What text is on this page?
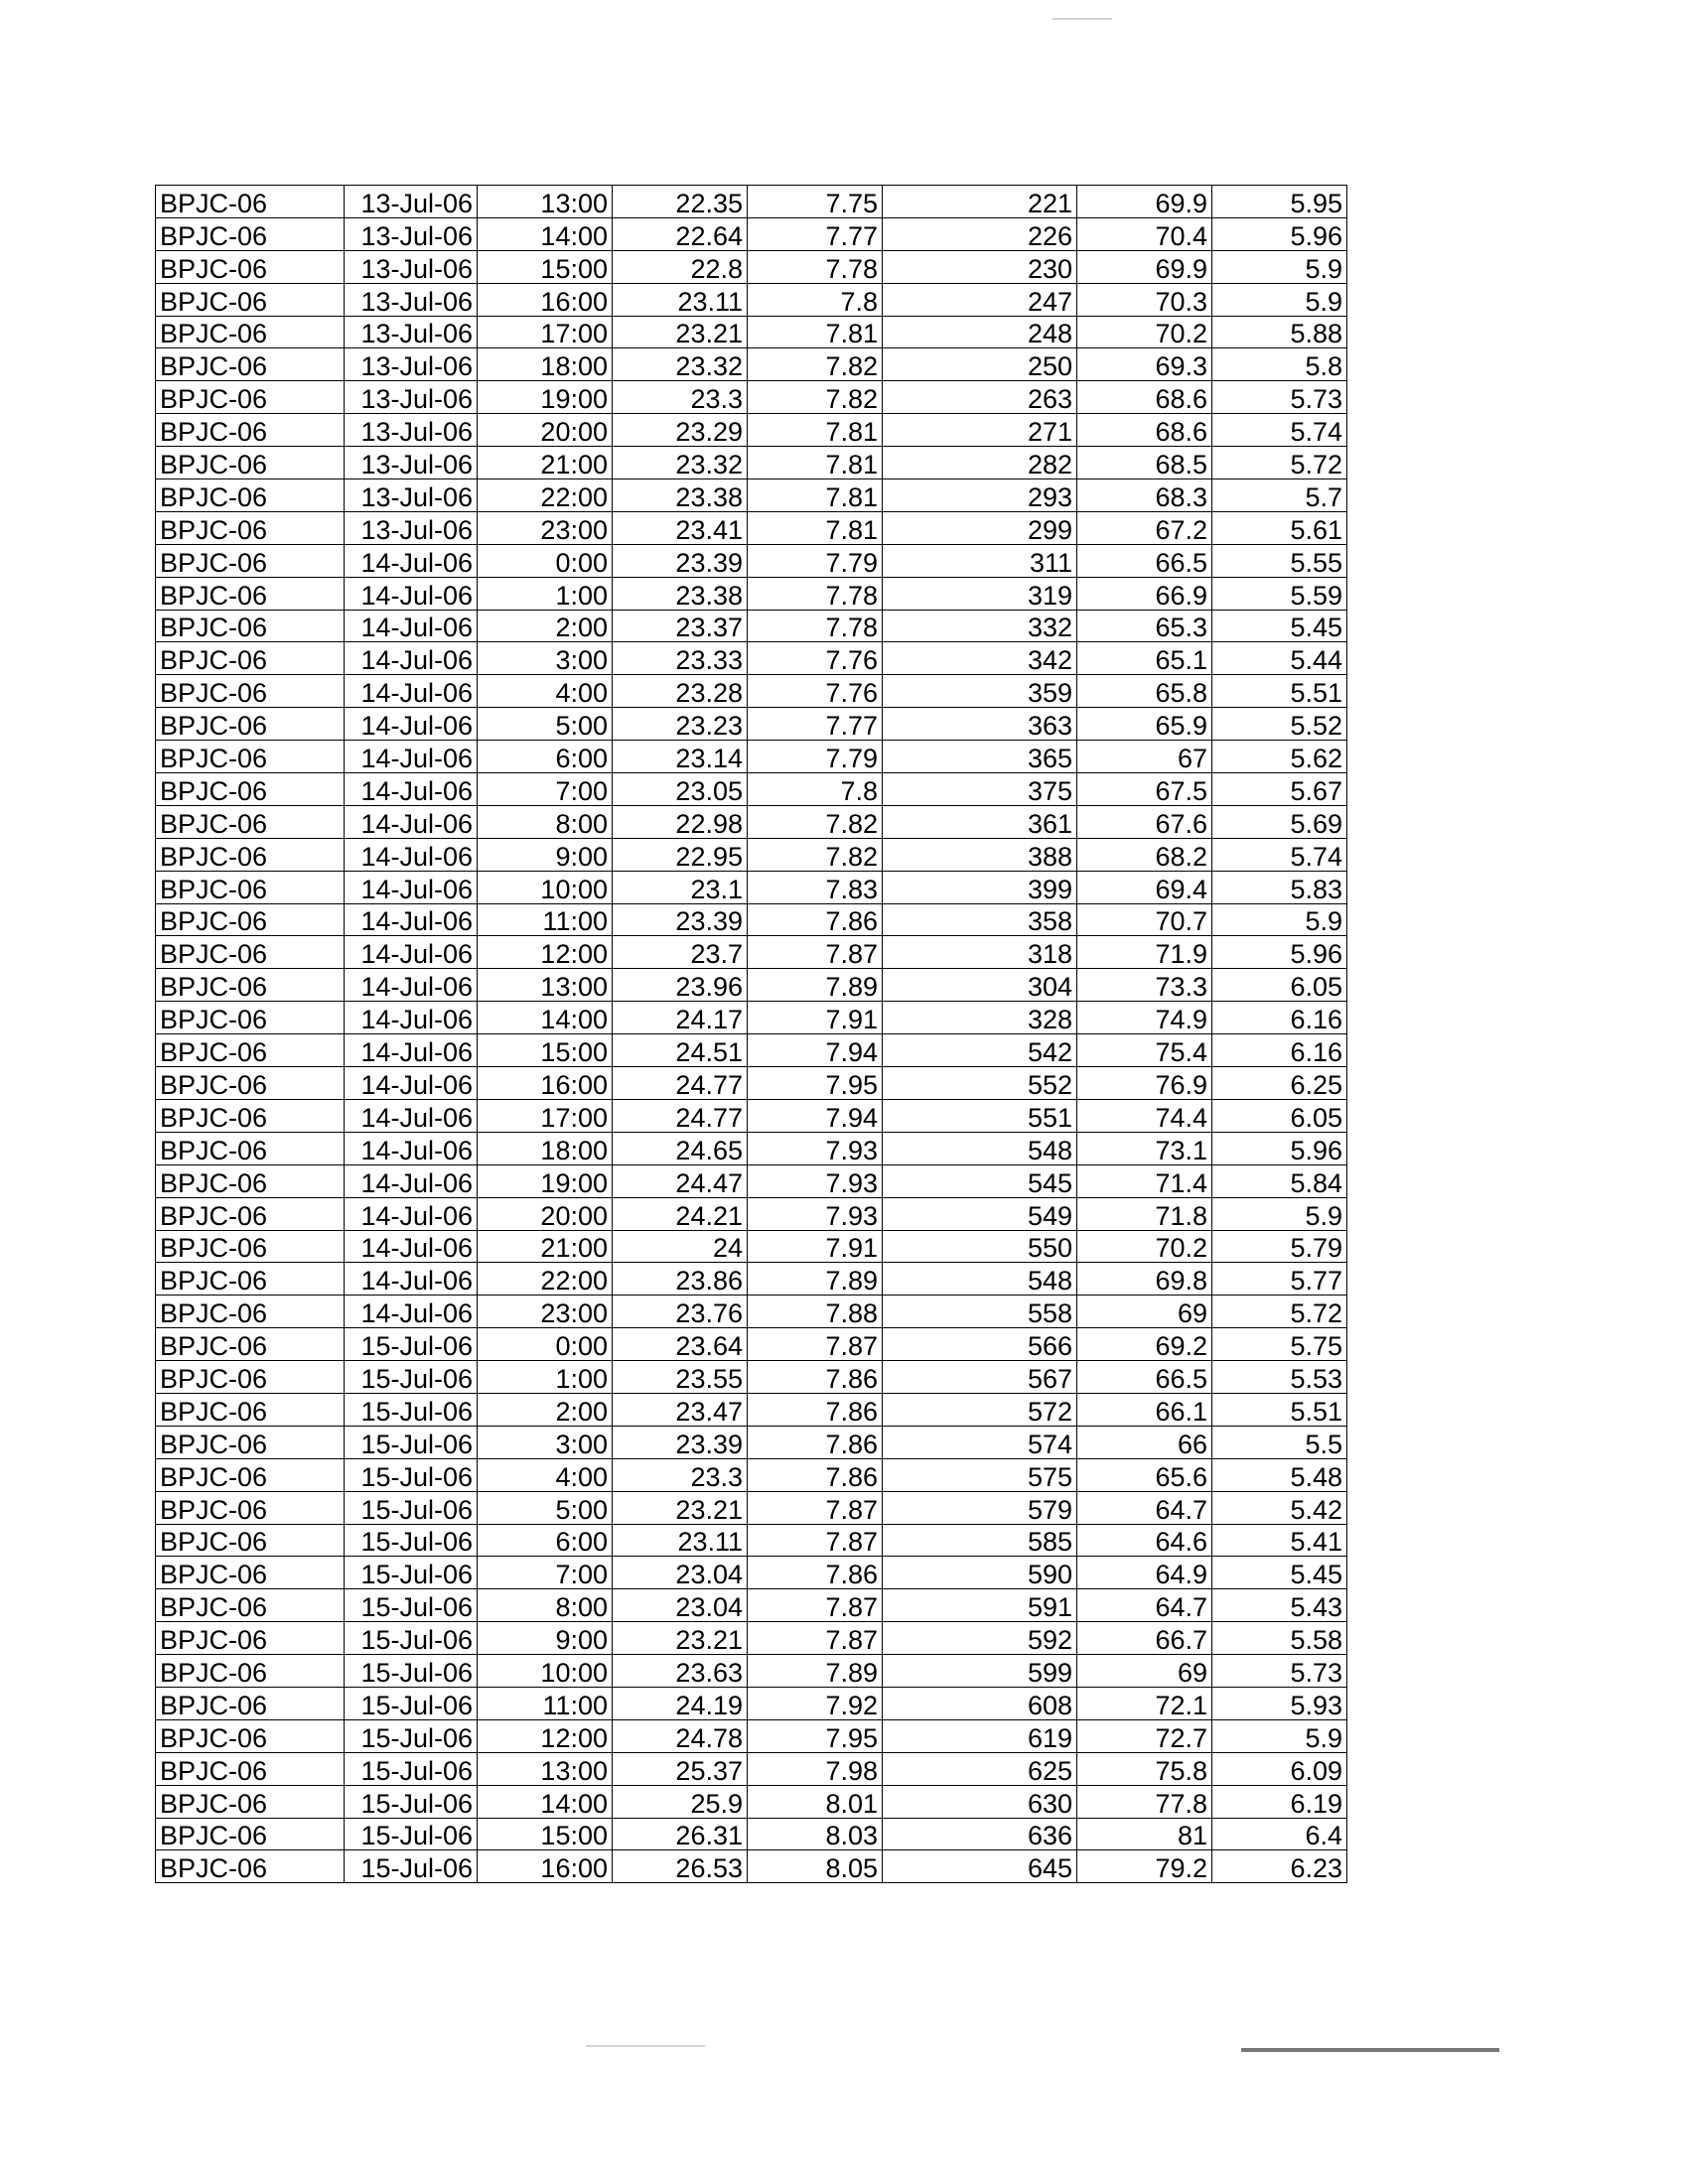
BPJC-06	13-Jul-06	13:00	22.35	7.75	221	69.9	5.95
BPJC-06	13-Jul-06	14:00	22.64	7.77	226	70.4	5.96
BPJC-06	13-Jul-06	15:00	22.8	7.78	230	69.9	5.9
BPJC-06	13-Jul-06	16:00	23.11	7.8	247	70.3	5.9
BPJC-06	13-Jul-06	17:00	23.21	7.81	248	70.2	5.88
BPJC-06	13-Jul-06	18:00	23.32	7.82	250	69.3	5.8
BPJC-06	13-Jul-06	19:00	23.3	7.82	263	68.6	5.73
BPJC-06	13-Jul-06	20:00	23.29	7.81	271	68.6	5.74
BPJC-06	13-Jul-06	21:00	23.32	7.81	282	68.5	5.72
BPJC-06	13-Jul-06	22:00	23.38	7.81	293	68.3	5.7
BPJC-06	13-Jul-06	23:00	23.41	7.81	299	67.2	5.61
BPJC-06	14-Jul-06	0:00	23.39	7.79	311	66.5	5.55
BPJC-06	14-Jul-06	1:00	23.38	7.78	319	66.9	5.59
BPJC-06	14-Jul-06	2:00	23.37	7.78	332	65.3	5.45
BPJC-06	14-Jul-06	3:00	23.33	7.76	342	65.1	5.44
BPJC-06	14-Jul-06	4:00	23.28	7.76	359	65.8	5.51
BPJC-06	14-Jul-06	5:00	23.23	7.77	363	65.9	5.52
BPJC-06	14-Jul-06	6:00	23.14	7.79	365	67	5.62
BPJC-06	14-Jul-06	7:00	23.05	7.8	375	67.5	5.67
BPJC-06	14-Jul-06	8:00	22.98	7.82	361	67.6	5.69
BPJC-06	14-Jul-06	9:00	22.95	7.82	388	68.2	5.74
BPJC-06	14-Jul-06	10:00	23.1	7.83	399	69.4	5.83
BPJC-06	14-Jul-06	11:00	23.39	7.86	358	70.7	5.9
BPJC-06	14-Jul-06	12:00	23.7	7.87	318	71.9	5.96
BPJC-06	14-Jul-06	13:00	23.96	7.89	304	73.3	6.05
BPJC-06	14-Jul-06	14:00	24.17	7.91	328	74.9	6.16
BPJC-06	14-Jul-06	15:00	24.51	7.94	542	75.4	6.16
BPJC-06	14-Jul-06	16:00	24.77	7.95	552	76.9	6.25
BPJC-06	14-Jul-06	17:00	24.77	7.94	551	74.4	6.05
BPJC-06	14-Jul-06	18:00	24.65	7.93	548	73.1	5.96
BPJC-06	14-Jul-06	19:00	24.47	7.93	545	71.4	5.84
BPJC-06	14-Jul-06	20:00	24.21	7.93	549	71.8	5.9
BPJC-06	14-Jul-06	21:00	24	7.91	550	70.2	5.79
BPJC-06	14-Jul-06	22:00	23.86	7.89	548	69.8	5.77
BPJC-06	14-Jul-06	23:00	23.76	7.88	558	69	5.72
BPJC-06	15-Jul-06	0:00	23.64	7.87	566	69.2	5.75
BPJC-06	15-Jul-06	1:00	23.55	7.86	567	66.5	5.53
BPJC-06	15-Jul-06	2:00	23.47	7.86	572	66.1	5.51
BPJC-06	15-Jul-06	3:00	23.39	7.86	574	66	5.5
BPJC-06	15-Jul-06	4:00	23.3	7.86	575	65.6	5.48
BPJC-06	15-Jul-06	5:00	23.21	7.87	579	64.7	5.42
BPJC-06	15-Jul-06	6:00	23.11	7.87	585	64.6	5.41
BPJC-06	15-Jul-06	7:00	23.04	7.86	590	64.9	5.45
BPJC-06	15-Jul-06	8:00	23.04	7.87	591	64.7	5.43
BPJC-06	15-Jul-06	9:00	23.21	7.87	592	66.7	5.58
BPJC-06	15-Jul-06	10:00	23.63	7.89	599	69	5.73
BPJC-06	15-Jul-06	11:00	24.19	7.92	608	72.1	5.93
BPJC-06	15-Jul-06	12:00	24.78	7.95	619	72.7	5.9
BPJC-06	15-Jul-06	13:00	25.37	7.98	625	75.8	6.09
BPJC-06	15-Jul-06	14:00	25.9	8.01	630	77.8	6.19
BPJC-06	15-Jul-06	15:00	26.31	8.03	636	81	6.4
BPJC-06	15-Jul-06	16:00	26.53	8.05	645	79.2	6.23
